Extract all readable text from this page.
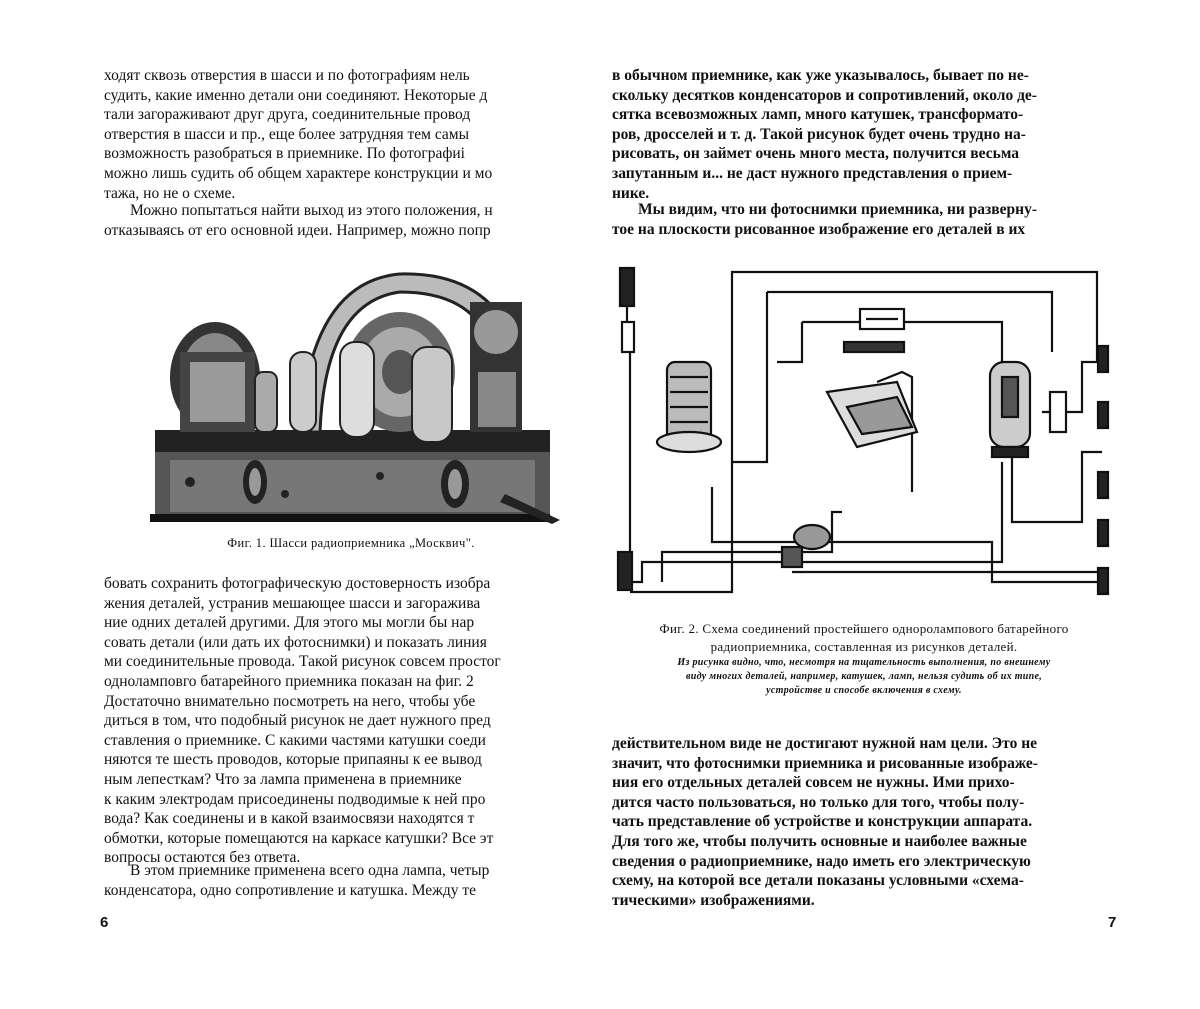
ходят сквозь отверстия в шасси и по фотографиям нель
судить, какие именно детали они соединяют. Некоторые д
тали загораживают друг друга, соединительные провод
отверстия в шасси и пр., еще более затрудняя тем самы
возможность разобраться в приемнике. По фотографиі
можно лишь судить об общем характере конструкции и мо
тажа, но не о схеме.
Можно попытаться найти выход из этого положения, н
отказываясь от его основной идеи. Например, можно попр
Фиг. 1. Шасси радиоприемника „Москвич".
бовать сохранить фотографическую достоверность изобра
жения деталей, устранив мешающее шасси и загоражива
ние одних деталей другими. Для этого мы могли бы нар
совать детали (или дать их фотоснимки) и показать линия
ми соединительные провода. Такой рисунок совсем простог
одноламповго батарейного приемника показан на фиг. 2
Достаточно внимательно посмотреть на него, чтобы убе
диться в том, что подобный рисунок не дает нужного пред
ставления о приемнике. С какими частями катушки соеди
няются те шесть проводов, которые припаяны к ее вывод
ным лепесткам? Что за лампа применена в приемнике
к каким электродам присоединены подводимые к ней про
вода? Как соединены и в какой взаимосвязи находятся т
обмотки, которые помещаются на каркасе катушки? Все эт
вопросы остаются без ответа.
В этом приемнике применена всего одна лампа, четыр
конденсатора, одно сопротивление и катушка. Между те
в обычном приемнике, как уже указывалось, бывает по не-
скольку десятков конденсаторов и сопротивлений, около де-
сятка всевозможных ламп, много катушек, трансформато-
ров, дросселей и т. д. Такой рисунок будет очень трудно на-
рисовать, он займет очень много места, получится весьма
запутанным и... не даст нужного представления о прием-
нике.
Мы видим, что ни фотоснимки приемника, ни разверну-
тое на плоскости рисованное изображение его деталей в их
Фиг. 2. Схема соединений простейшего одноролампового батарейного
радиоприемника, составленная из рисунков деталей.
Из рисунка видно, что, несмотря на тщательность выполнения, по внешнему
виду многих деталей, например, катушек, ламп, нельзя судить об их типе,
устройстве и способе включения в схему.
действительном виде не достигают нужной нам цели. Это не
значит, что фотоснимки приемника и рисованные изображе-
ния его отдельных деталей совсем не нужны. Ими прихо-
дится часто пользоваться, но только для того, чтобы полу-
чать представление об устройстве и конструкции аппарата.
Для того же, чтобы получить основные и наиболее важные
сведения о радиоприемнике, надо иметь его электрическую
схему, на которой все детали показаны условными «схема-
тическими» изображениями.
6	7
